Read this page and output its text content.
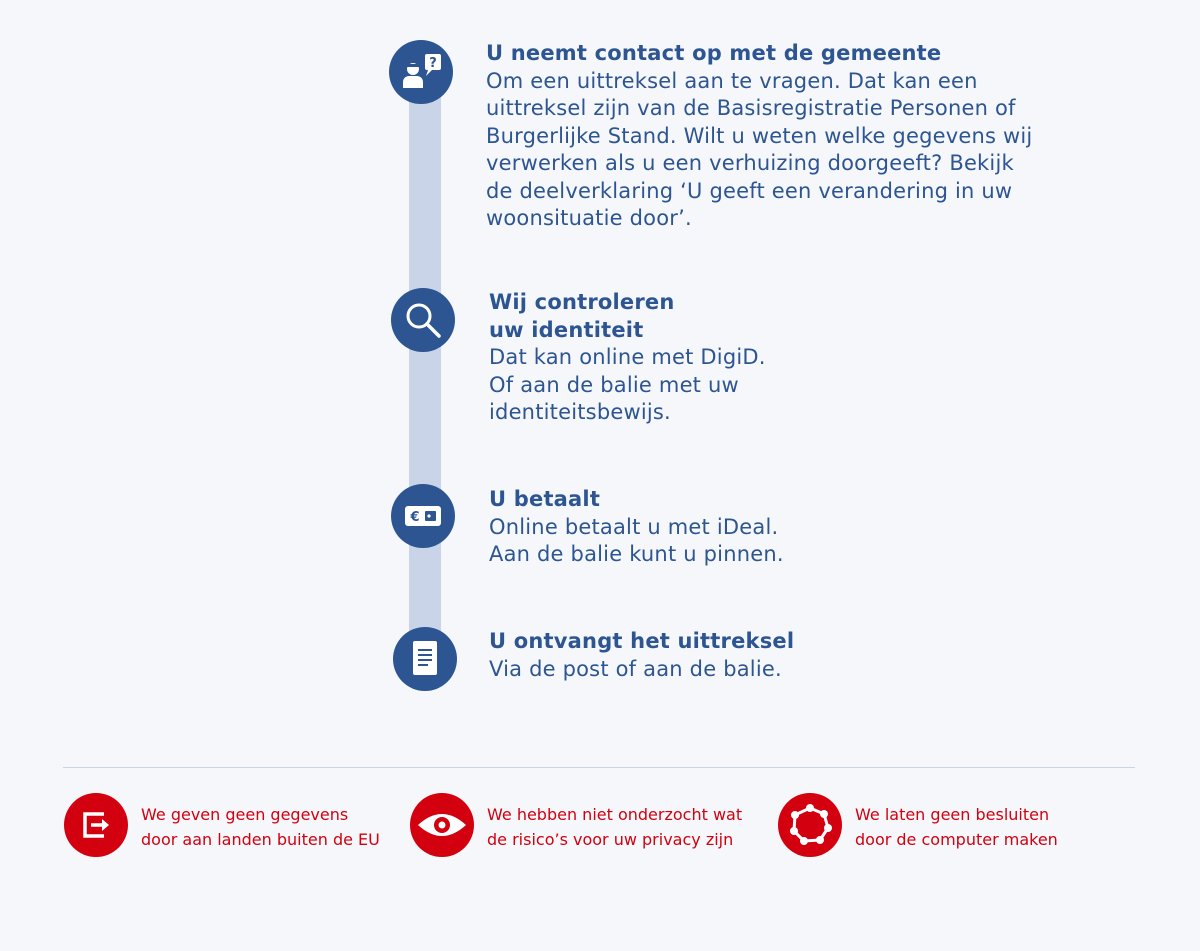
? U neemt contact op met de gemeente
Om een uittreksel aan te vragen. Dat kan een
uittreksel zijn van de Basisregistratie Personen of
Burgerlijke Stand. Wilt u weten welke gegevens wij
verwerken als u een verhuizing doorgeeft? Bekijk
de deelverklaring ‘U geeft een verandering in uw
woonsituatie door’.
Wij controleren
uw identiteit
Dat kan online met DigiD.
Of aan de balie met uw
identiteitsbewijs.
€
U betaalt
Online betaalt u met iDeal.
Aan de balie kunt u pinnen.
U ontvangt het uittreksel
Via de post of aan de balie.
We geven geen gegevens
door aan landen buiten de EU
We hebben niet onderzocht wat
de risico’s voor uw privacy zijn
We laten geen besluiten
door de computer maken
